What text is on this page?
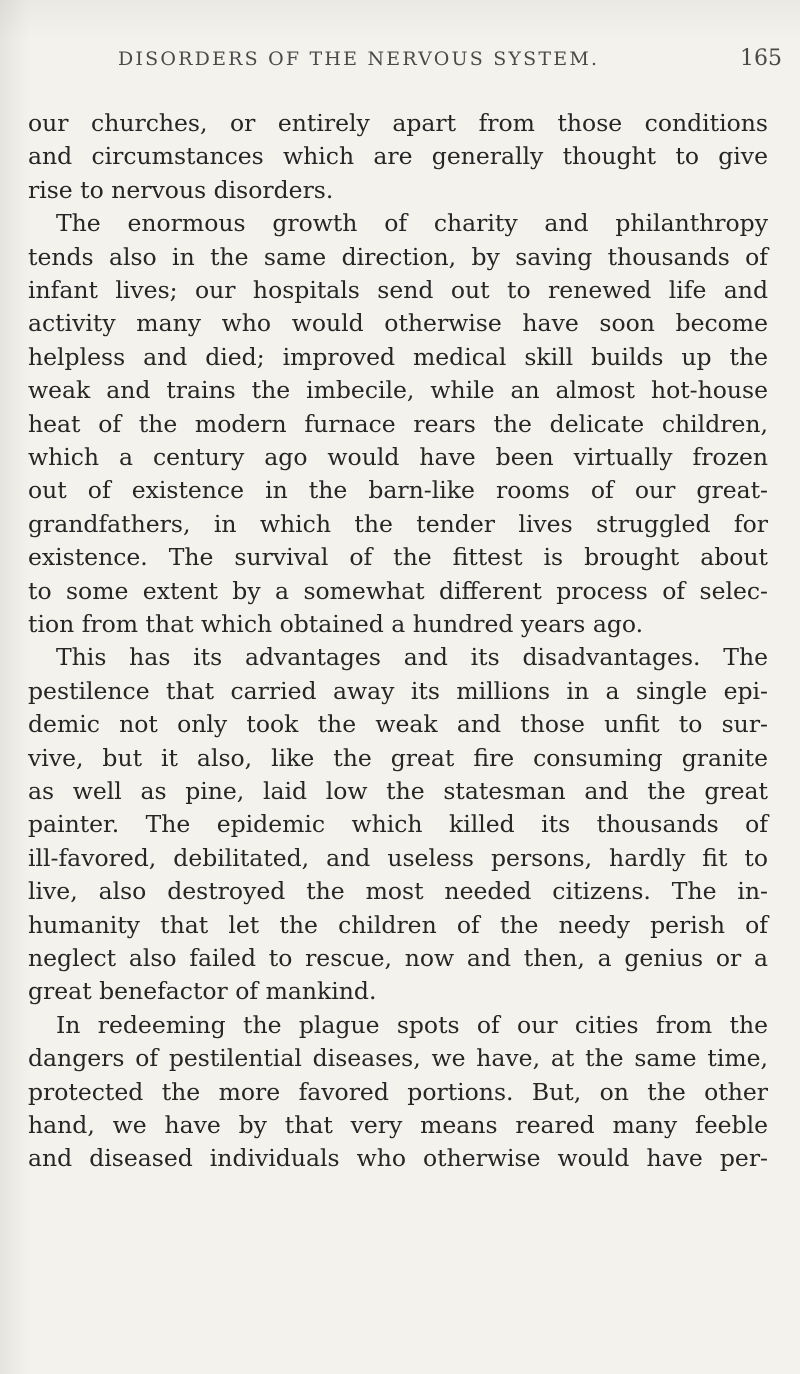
DISORDERS OF THE NERVOUS SYSTEM.	165
our churches, or entirely apart from those conditions
and circumstances which are generally thought to give
rise to nervous disorders.
The enormous growth of charity and philanthropy
tends also in the same direction, by saving thousands of
infant lives; our hospitals send out to renewed life and
activity many who would otherwise have soon become
helpless and died; improved medical skill builds up the
weak and trains the imbecile, while an almost hot-house
heat of the modern furnace rears the delicate children,
which a century ago would have been virtually frozen
out of existence in the barn-like rooms of our great-
grandfathers, in which the tender lives struggled for
existence. The survival of the fittest is brought about
to some extent by a somewhat different process of selec-
tion from that which obtained a hundred years ago.
This has its advantages and its disadvantages. The
pestilence that carried away its millions in a single epi-
demic not only took the weak and those unfit to sur-
vive, but it also, like the great fire consuming granite
as well as pine, laid low the statesman and the great
painter. The epidemic which killed its thousands of
ill-favored, debilitated, and useless persons, hardly fit to
live, also destroyed the most needed citizens. The in-
humanity that let the children of the needy perish of
neglect also failed to rescue, now and then, a genius or a
great benefactor of mankind.
In redeeming the plague spots of our cities from the
dangers of pestilential diseases, we have, at the same time,
protected the more favored portions. But, on the other
hand, we have by that very means reared many feeble
and diseased individuals who otherwise would have per-
